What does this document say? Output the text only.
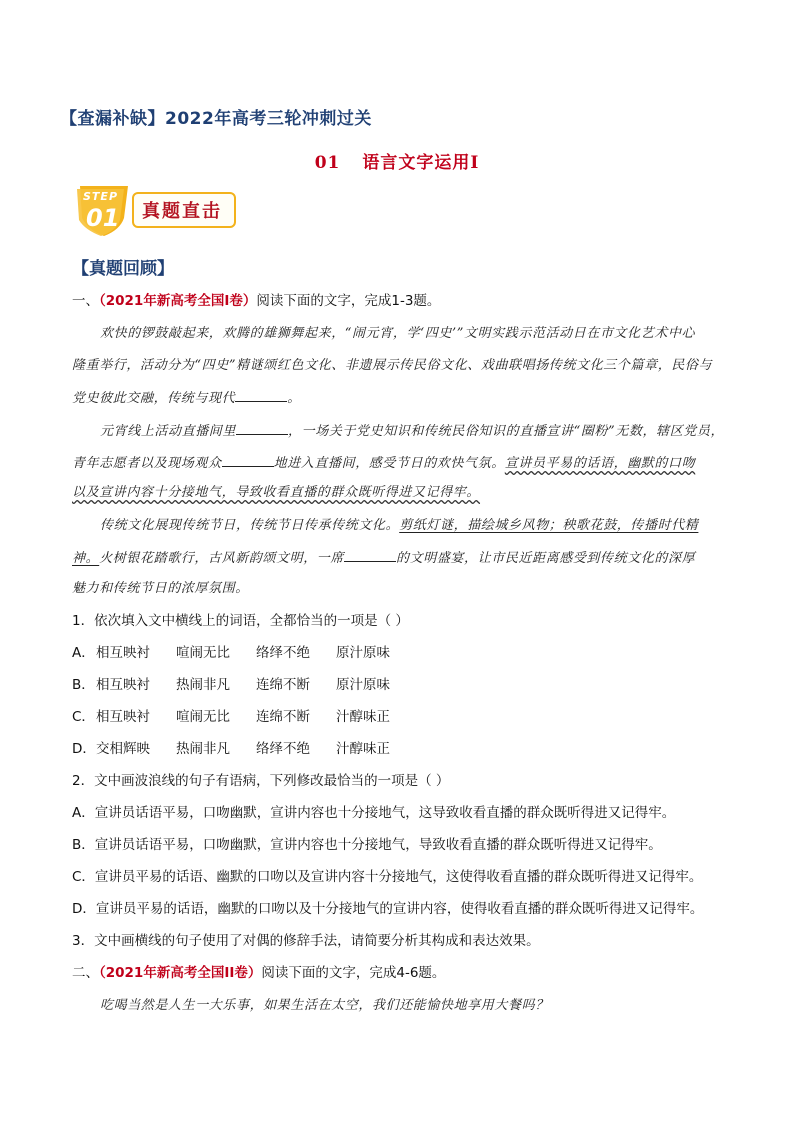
【查漏补缺】2022年高考三轮冲刺过关
01 语言文字运用Ⅰ
真题直击
STEP
01
【真题回顾】
一、（2021年新高考全国I卷）阅读下面的文字，完成1-3题。
欢快的锣鼓敲起来，欢腾的雄狮舞起来，“闹元宵，学‘四史’”文明实践示范活动日在市文化艺术中心
隆重举行，活动分为“四史”精谜颂红色文化、非遗展示传民俗文化、戏曲联唱扬传统文化三个篇章，民俗与
党史彼此交融，传统与现代	。
元宵线上活动直播间里	，一场关于党史知识和传统民俗知识的直播宣讲“圈粉”无数，辖区党员，
青年志愿者以及现场观众	地进入直播间，感受节日的欢快气氛。宣讲员平易的话语，幽默的口吻
以及宣讲内容十分接地气，导致收看直播的群众既听得进又记得牢。
传统文化展现传统节日，传统节日传承传统文化。剪纸灯谜，描绘城乡风物；秧歌花鼓，传播时代精
神。火树银花踏歌行，古风新韵颂文明，一席	的文明盛宴，让市民近距离感受到传统文化的深厚
魅力和传统节日的浓厚氛围。
1．依次填入文中横线上的词语，全都恰当的一项是（ ）
A．相互映衬 喧闹无比 络绎不绝 原汁原味
B．相互映衬 热闹非凡 连绵不断 原汁原味
C．相互映衬 喧闹无比 连绵不断 汁醇味正
D．交相辉映 热闹非凡 络绎不绝 汁醇味正
2．文中画波浪线的句子有语病，下列修改最恰当的一项是（ ）
A．宣讲员话语平易，口吻幽默，宣讲内容也十分接地气，这导致收看直播的群众既听得进又记得牢。
B．宣讲员话语平易，口吻幽默，宣讲内容也十分接地气，导致收看直播的群众既听得进又记得牢。
C．宣讲员平易的话语、幽默的口吻以及宣讲内容十分接地气，这使得收看直播的群众既听得进又记得牢。
D．宣讲员平易的话语，幽默的口吻以及十分接地气的宣讲内容，使得收看直播的群众既听得进又记得牢。
3．文中画横线的句子使用了对偶的修辞手法，请简要分析其构成和表达效果。
二、（2021年新高考全国II卷）阅读下面的文字，完成4-6题。
吃喝当然是人生一大乐事，如果生活在太空，我们还能愉快地享用大餐吗？
